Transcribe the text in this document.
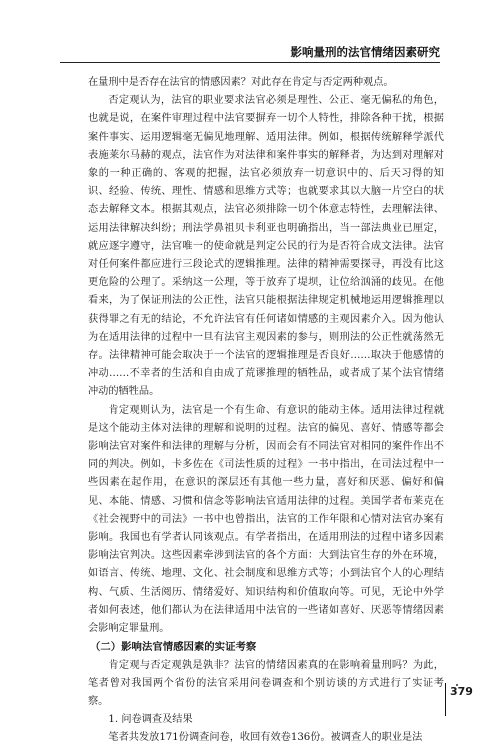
影响量刑的法官情绪因素研究

在量刑中是否存在法官的情感因素？对此存在肯定与否定两种观点。

否定观认为，法官的职业要求法官必须是理性、公正、毫无偏私的角色，也就是说，在案件审理过程中法官要摒弃一切个人特性，排除各种干扰，根据案件事实、运用逻辑毫无偏见地理解、适用法律。例如，根据传统解释学派代表施莱尔马赫的观点，法官作为对法律和案件事实的解释者，为达到对理解对象的一种正确的、客观的把握，法官必须放弃一切意识中的、后天习得的知识、经验、传统、理性、情感和思维方式等；也就要求其以大脑一片空白的状态去解释文本。根据其观点，法官必须排除一切个体意志特性，去理解法律、运用法律解决纠纷；刑法学鼻祖贝卡利亚也明确指出，当一部法典业已厘定，就应逐字遵守，法官唯一的使命就是判定公民的行为是否符合成文法律。法官对任何案件都应进行三段论式的逻辑推理。法律的精神需要探寻，再没有比这更危险的公理了。采纳这一公理，等于放弃了堤坝，让位给汹涌的歧见。在他看来，为了保证刑法的公正性，法官只能根据法律规定机械地运用逻辑推理以获得罪之有无的结论，不允许法官有任何诸如情感的主观因素介入。因为他认为在适用法律的过程中一旦有法官主观因素的参与，则刑法的公正性就荡然无存。法律精神可能会取决于一个法官的逻辑推理是否良好……取决于他感情的冲动……不幸者的生活和自由成了荒谬推理的牺牲品，或者成了某个法官情绪冲动的牺牲品。

肯定观则认为，法官是一个有生命、有意识的能动主体。适用法律过程就是这个能动主体对法律的理解和说明的过程。法官的偏见、喜好、情感等都会影响法官对案件和法律的理解与分析，因而会有不同法官对相同的案件作出不同的判决。例如，卡多佐在《司法性质的过程》一书中指出，在司法过程中一些因素在起作用，在意识的深层还有其他一些力量，喜好和厌恶、偏好和偏见、本能、情感、习惯和信念等影响法官适用法律的过程。美国学者布莱克在《社会视野中的司法》一书中也曾指出，法官的工作年限和心情对法官办案有影响。我国也有学者认同该观点。有学者指出，在适用刑法的过程中诸多因素影响法官判决。这些因素牵涉到法官的各个方面：大到法官生存的外在环境，如语言、传统、地理、文化、社会制度和思维方式等；小到法官个人的心理结构、气质、生活阅历、情绪爱好、知识结构和价值取向等。可见，无论中外学者如何表述，他们都认为在法律适用中法官的一些诸如喜好、厌恶等情绪因素会影响定罪量刑。

（二）影响法官情感因素的实证考察

肯定观与否定观孰是孰非？法官的情绪因素真的在影响着量刑吗？为此，笔者曾对我国两个省份的法官采用问卷调查和个别访谈的方式进行了实证考察。

1. 问卷调查及结果

笔者共发放171份调查问卷，收回有效卷136份。被调查人的职业是法

379
